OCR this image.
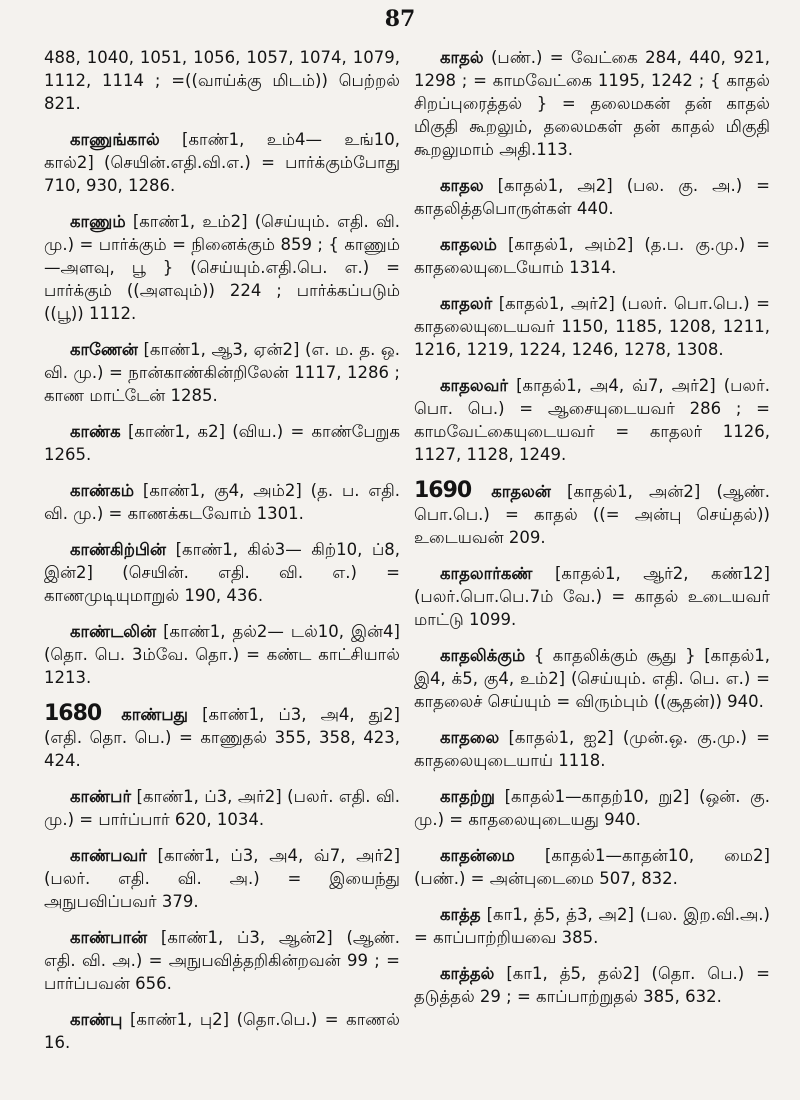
87

488, 1040, 1051, 1056, 1057, 1074, 1079, 1112, 1114 ; =((வாய்க்கு மிடம்)) பெற்றல் 821.

காணுங்கால் [காண்1, உம்4— உங்10, கால்2] (செயின்.எதி.வி.எ.) = பார்க்கும்போது 710, 930, 1286.

காணும் [காண்1, உம்2] (செய்யும். எதி. வி. மு.) = பார்க்கும் = நினைக்கும் 859 ; { காணும்—அளவு, பூ } (செய்யும்.எதி.பெ. எ.) = பார்க்கும் ((அளவும்)) 224 ; பார்க்கப்படும் ((பூ)) 1112.

காணேன் [காண்1, ஆ3, ஏன்2] (எ. ம. த. ஒ. வி. மு.) = நான்காண்கின்றிலேன் 1117, 1286 ; காண மாட்டேன் 1285.

காண்க [காண்1, க2] (விய.) = காண்பேறுக 1265.

காண்கம் [காண்1, கு4, அம்2] (த. ப. எதி. வி. மு.) = காணக்கடவோம் 1301.

காண்கிற்பின் [காண்1, கில்3— கிற்10, ப்8, இன்2] (செயின். எதி. வி. எ.) = காணமுடியுமாறுல் 190, 436.

காண்டலின் [காண்1, தல்2— டல்10, இன்4] (தொ. பெ. 3ம்வே. தொ.) = கண்ட காட்சியால் 1213.

1680 காண்பது [காண்1, ப்3, அ4, து2] (எதி. தொ. பெ.) = காணுதல் 355, 358, 423, 424.

காண்பர் [காண்1, ப்3, அர்2] (பலர். எதி. வி. மு.) = பார்ப்பார் 620, 1034.

காண்பவர் [காண்1, ப்3, அ4, வ்7, அர்2] (பலர். எதி. வி. அ.) = இயைந்து அநுபவிப்பவர் 379.

காண்பான் [காண்1, ப்3, ஆன்2] (ஆண். எதி. வி. அ.) = அநுபவித்தறிகின்றவன் 99 ; = பார்ப்பவன் 656.

காண்பு [காண்1, பு2] (தொ.பெ.) = காணல் 16.

காதல் (பண்.) = வேட்கை 284, 440, 921, 1298 ; = காமவேட்கை 1195, 1242 ; { காதல் சிறப்புரைத்தல் } = தலைமகன் தன் காதல் மிகுதி கூறலும், தலைமகள் தன் காதல் மிகுதி கூறலுமாம் அதி.113.

காதல [காதல்1, அ2] (பல. கு. அ.) = காதலித்தபொருள்கள் 440.

காதலம் [காதல்1, அம்2] (த.ப. கு.மு.) = காதலையுடையோம் 1314.

காதலர் [காதல்1, அர்2] (பலர். பொ.பெ.) = காதலையுடையவர் 1150, 1185, 1208, 1211, 1216, 1219, 1224, 1246, 1278, 1308.

காதலவர் [காதல்1, அ4, வ்7, அர்2] (பலர். பொ. பெ.) = ஆசையுடையவர் 286 ; = காமவேட்கையுடையவர் = காதலர் 1126, 1127, 1128, 1249.

1690 காதலன் [காதல்1, அன்2] (ஆண். பொ.பெ.) = காதல் ((= அன்பு செய்தல்)) உடையவன் 209.

காதலார்கண் [காதல்1, ஆர்2, கண்12] (பலர்.பொ.பெ.7ம் வே.) = காதல் உடையவர் மாட்டு 1099.

காதலிக்கும் { காதலிக்கும் சூது } [காதல்1, இ4, க்5, கு4, உம்2] (செய்யும். எதி. பெ. எ.) = காதலைச் செய்யும் = விரும்பும் ((சூதன்)) 940.

காதலை [காதல்1, ஐ2] (முன்.ஒ. கு.மு.) = காதலையுடையாய் 1118.

காதற்று [காதல்1—காதற்10, று2] (ஒன். கு. மு.) = காதலையுடையது 940.

காதன்மை [காதல்1—காதன்10, மை2] (பண்.) = அன்புடைமை 507, 832.

காத்த [கா1, த்5, த்3, அ2] (பல. இற.வி.அ.) = காப்பாற்றியவை 385.

காத்தல் [கா1, த்5, தல்2] (தொ. பெ.) = தடுத்தல் 29 ; = காப்பாற்றுதல் 385, 632.
